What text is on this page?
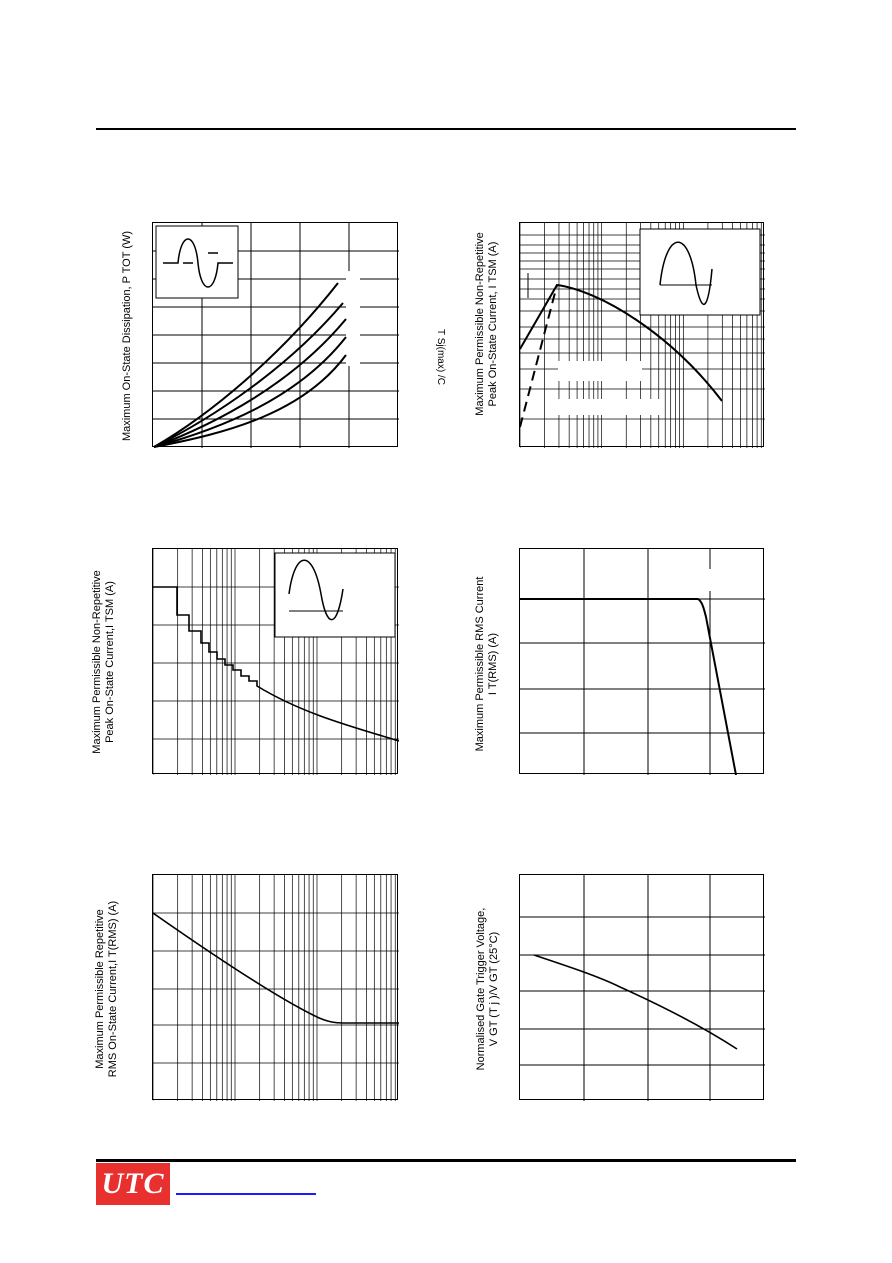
Maximum On-State Dissipation, P TOT (W)	Maximum Permissible Non-Repetitive Peak On-State Current, I TSM (A)
T Sj(max) /C
Maximum Permissible Non-Repetitive Peak On-State Current,I TSM (A)	Maximum Permissible RMS Current I T(RMS) (A)
Maximum Permissible Repetitive RMS On-State Current,I T(RMS) (A)	Normalised Gate Trigger Voltage, V GT (T j )/V GT (25°C)
UTC
